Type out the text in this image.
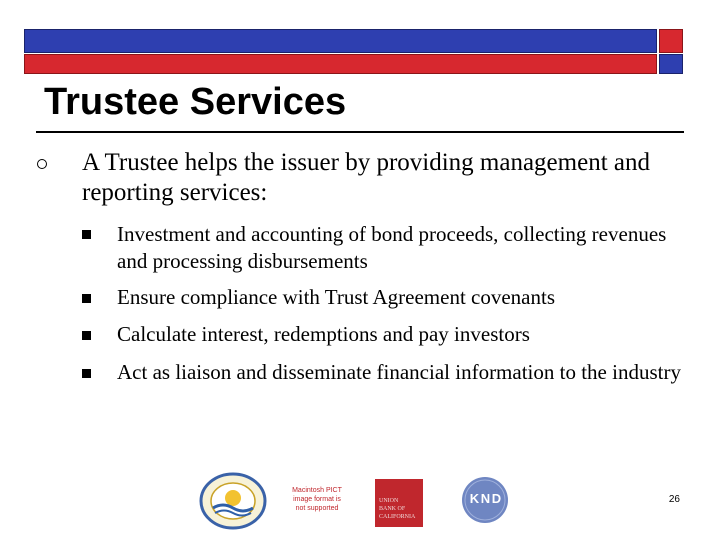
Trustee Services
A Trustee helps the issuer by providing management and reporting services:
Investment and accounting of bond proceeds, collecting revenues and processing disbursements
Ensure compliance with Trust Agreement covenants
Calculate interest, redemptions and pay investors
Act as liaison and disseminate financial information to the industry
Macintosh PICT image format is not supported
UNION
BANK OF
CALIFORNIA
K N D	26
